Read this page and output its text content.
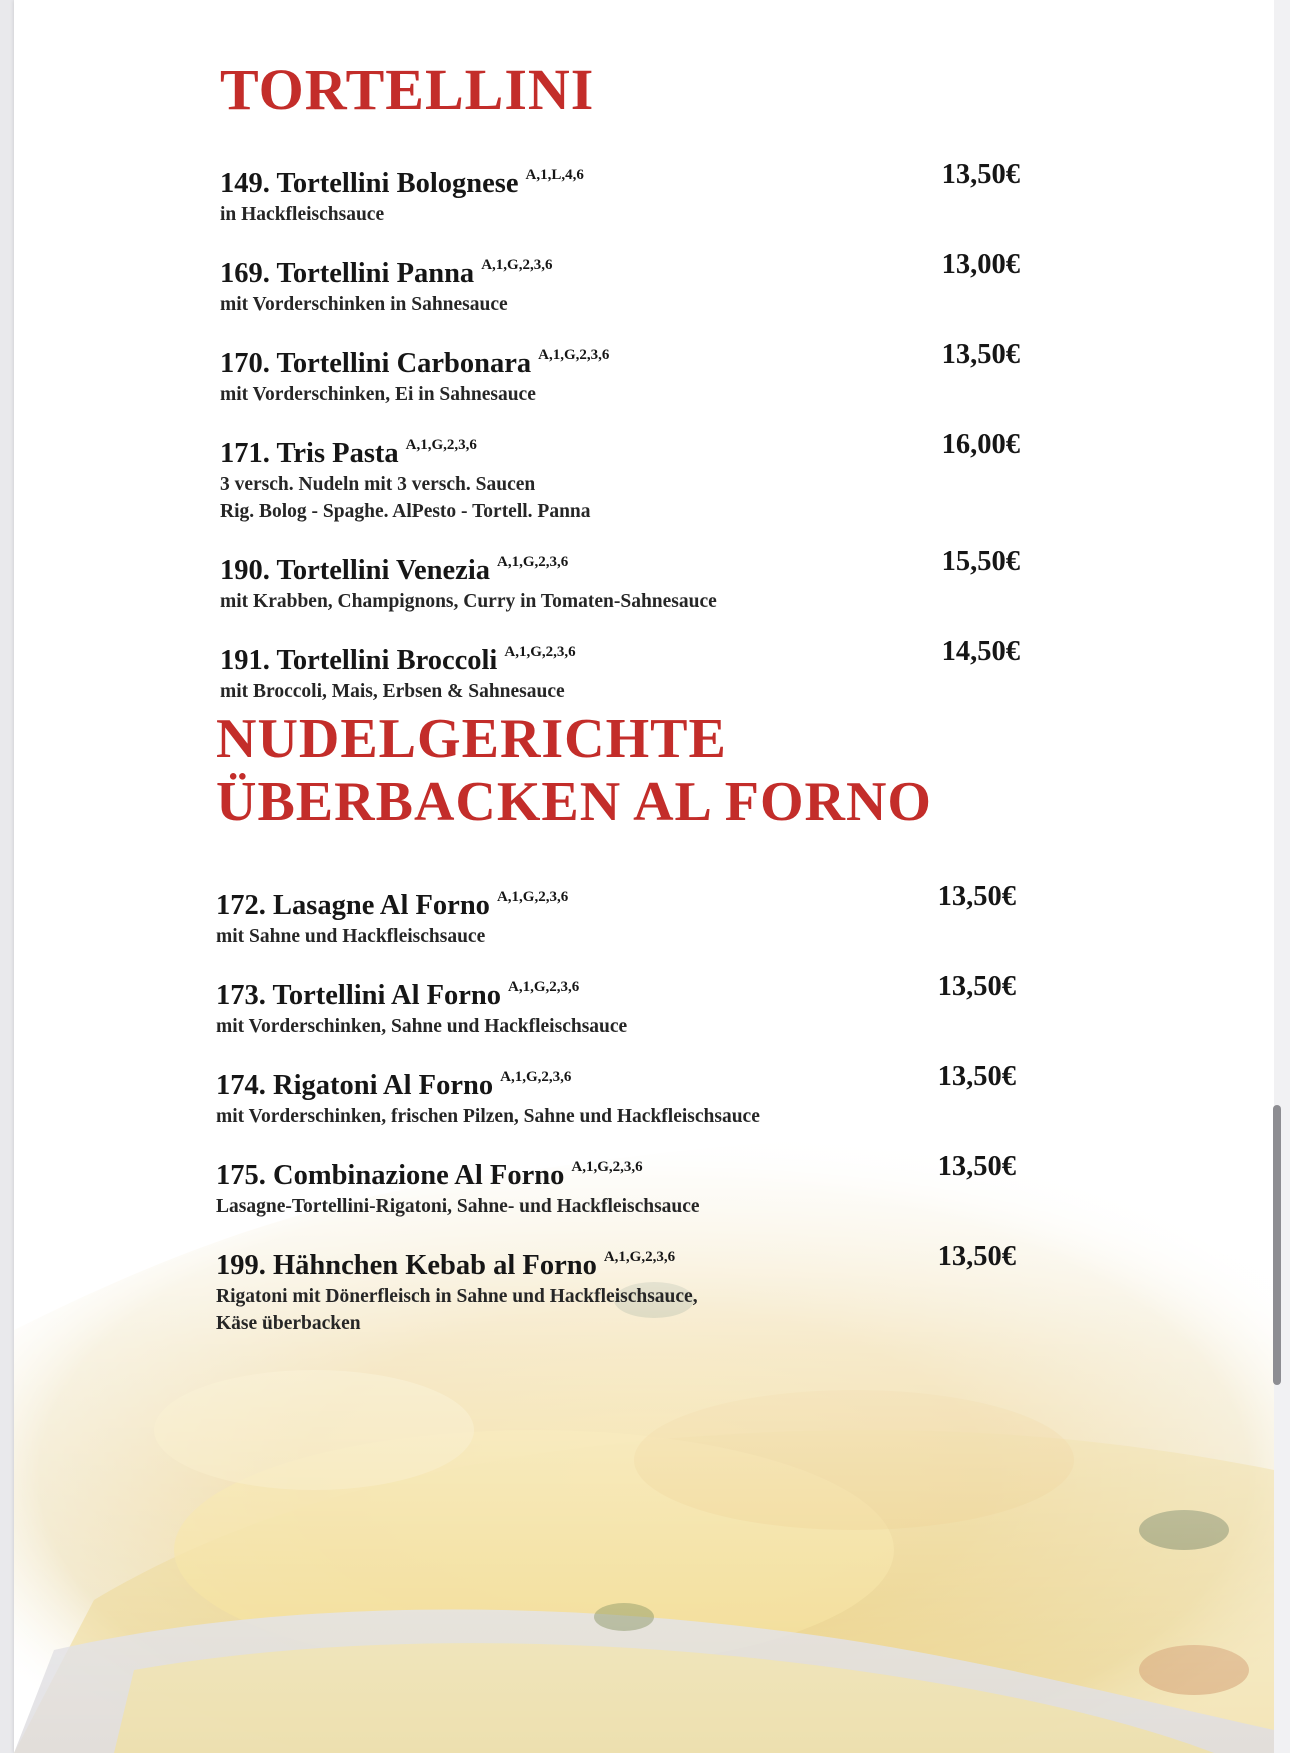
TORTELLINI
149. Tortellini Bolognese $^{A,1,L,4,6}$
in Hackfleischsauce
13,50€
169. Tortellini Panna $^{A,1,G,2,3,6}$
mit Vorderschinken in Sahnesauce
13,00€
170. Tortellini Carbonara $^{A,1,G,2,3,6}$
mit Vorderschinken, Ei in Sahnesauce
13,50€
171. Tris Pasta $^{A,1,G,2,3,6}$
3 versch. Nudeln mit 3 versch. Saucen
Rig. Bolog - Spaghe. AlPesto - Tortell. Panna
16,00€
190. Tortellini Venezia $^{A,1,G,2,3,6}$
mit Krabben, Champignons, Curry in Tomaten-Sahnesauce
15,50€
191. Tortellini Broccoli $^{A,1,G,2,3,6}$
mit Broccoli, Mais, Erbsen & Sahnesauce
14,50€
NUDELGERICHTE
ÜBERBACKEN AL FORNO
172. Lasagne Al Forno $^{A,1,G,2,3,6}$
mit Sahne und Hackfleischsauce
13,50€
173. Tortellini Al Forno $^{A,1,G,2,3,6}$
mit Vorderschinken, Sahne und Hackfleischsauce
13,50€
174. Rigatoni Al Forno $^{A,1,G,2,3,6}$
mit Vorderschinken, frischen Pilzen, Sahne und Hackfleischsauce
13,50€
175. Combinazione Al Forno $^{A,1,G,2,3,6}$
Lasagne-Tortellini-Rigatoni, Sahne- und Hackfleischsauce
13,50€
199. Hähnchen Kebab al Forno $^{A,1,G,2,3,6}$
Rigatoni mit Dönerfleisch in Sahne und Hackfleischsauce,
Käse überbacken
13,50€
